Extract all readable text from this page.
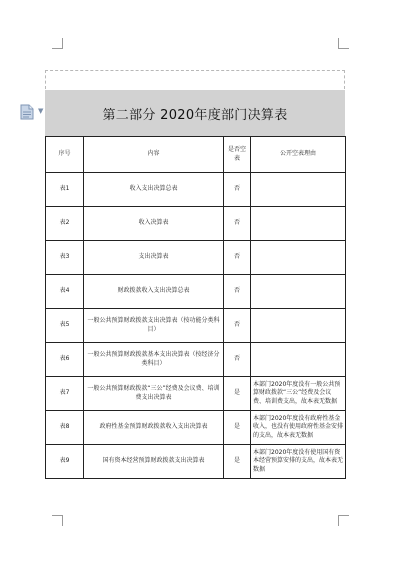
▼	第二部分 2020年度部门决算表
序号	内容	是否空表	公开空表理由
表1	收入支出决算总表	否	
表2	收入决算表	否	
表3	支出决算表	否	
表4	财政拨款收入支出决算总表	否	
表5	一般公共预算财政拨款支出决算表（按功能分类科目）	否	
表6	一般公共预算财政拨款基本支出决算表（按经济分类科目）	否	
表7	一般公共预算财政拨款“三公”经费及会议费、培训费支出决算表	是	本部门2020年度没有一般公共预算财政拨款“三公”经费及会议费、培训费支出，故本表无数据
表8	政府性基金预算财政拨款收入支出决算表	是	本部门2020年度没有政府性基金收入，也没有使用政府性基金安排的支出，故本表无数据
表9	国有资本经营预算财政拨款支出决算表	是	本部门2020年度没有使用国有资本经营预算安排的支出，故本表无数据
